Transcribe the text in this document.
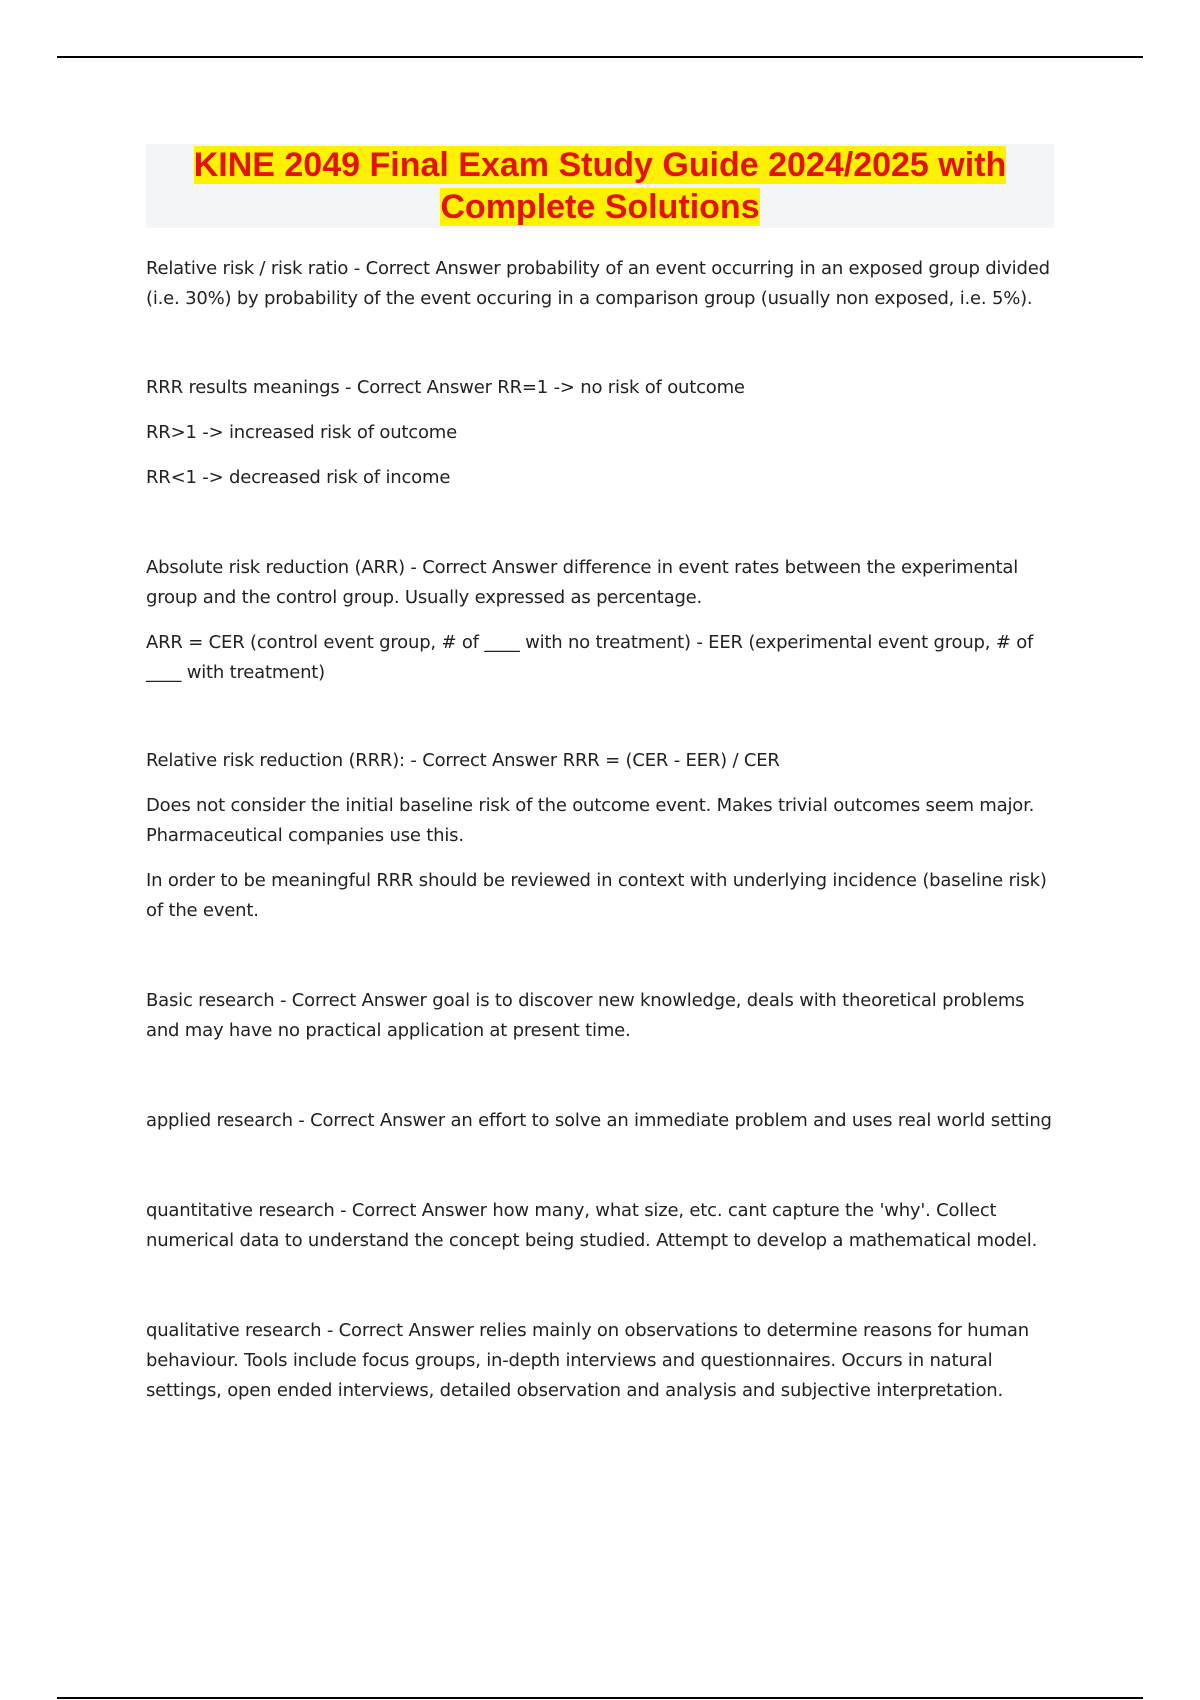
KINE 2049 Final Exam Study Guide 2024/2025 with Complete Solutions

Relative risk / risk ratio - Correct Answer probability of an event occurring in an exposed group divided (i.e. 30%) by probability of the event occuring in a comparison group (usually non exposed, i.e. 5%).

RRR results meanings - Correct Answer RR=1 -> no risk of outcome

RR>1 -> increased risk of outcome

RR<1 -> decreased risk of income

Absolute risk reduction (ARR) - Correct Answer difference in event rates between the experimental group and the control group. Usually expressed as percentage.

ARR = CER (control event group, # of ____ with no treatment) - EER (experimental event group, # of ____ with treatment)

Relative risk reduction (RRR): - Correct Answer RRR = (CER - EER) / CER

Does not consider the initial baseline risk of the outcome event. Makes trivial outcomes seem major. Pharmaceutical companies use this.

In order to be meaningful RRR should be reviewed in context with underlying incidence (baseline risk) of the event.

Basic research - Correct Answer goal is to discover new knowledge, deals with theoretical problems and may have no practical application at present time.

applied research - Correct Answer an effort to solve an immediate problem and uses real world setting

quantitative research - Correct Answer how many, what size, etc. cant capture the 'why'. Collect numerical data to understand the concept being studied. Attempt to develop a mathematical model.

qualitative research - Correct Answer relies mainly on observations to determine reasons for human behaviour. Tools include focus groups, in-depth interviews and questionnaires. Occurs in natural settings, open ended interviews, detailed observation and analysis and subjective interpretation.
